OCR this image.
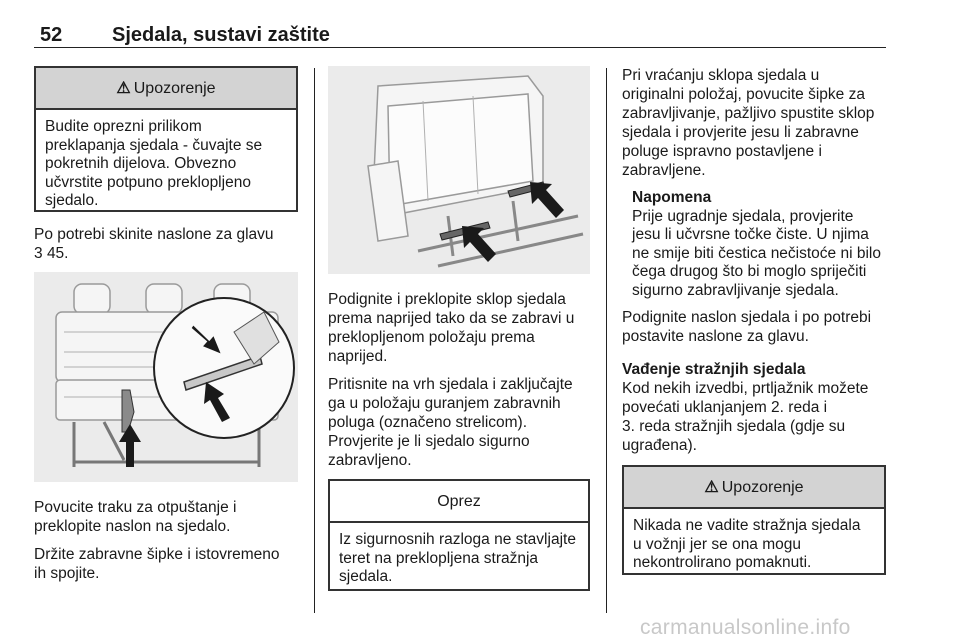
52 Sjedala, sustavi zaštite
⚠ Upozorenje
Budite oprezni prilikom
preklapanja sjedala - čuvajte se
pokretnih dijelova. Obvezno
učvrstite potpuno preklopljeno
sjedalo.

Po potrebi skinite naslone za glavu
3 45.

Povucite traku za otpuštanje i
preklopite naslon na sjedalo.

Držite zabravne šipke i istovremeno
ih spojite.

Podignite i preklopite sklop sjedala
prema naprijed tako da se zabravi u
preklopljenom položaju prema
naprijed.

Pritisnite na vrh sjedala i zaključajte
ga u položaju guranjem zabravnih
poluga (označeno strelicom).
Provjerite je li sjedalo sigurno
zabravljeno.

Oprez
Iz sigurnosnih razloga ne stavljajte
teret na preklopljena stražnja
sjedala.

Pri vraćanju sklopa sjedala u
originalni položaj, povucite šipke za
zabravljivanje, pažljivo spustite sklop
sjedala i provjerite jesu li zabravne
poluge ispravno postavljene i
zabravljene.

Napomena
Prije ugradnje sjedala, provjerite
jesu li učvrsne točke čiste. U njima
ne smije biti čestica nečistoće ni bilo
čega drugog što bi moglo spriječiti
sigurno zabravljivanje sjedala.

Podignite naslon sjedala i po potrebi
postavite naslone za glavu.

Vađenje stražnjih sjedala

Kod nekih izvedbi, prtljažnik možete
povećati uklanjanjem 2. reda i
3. reda stražnjih sjedala (gdje su
ugrađena).

⚠ Upozorenje
Nikada ne vadite stražnja sjedala
u vožnji jer se ona mogu
nekontrolirano pomaknuti.
carmanualsonline.info
